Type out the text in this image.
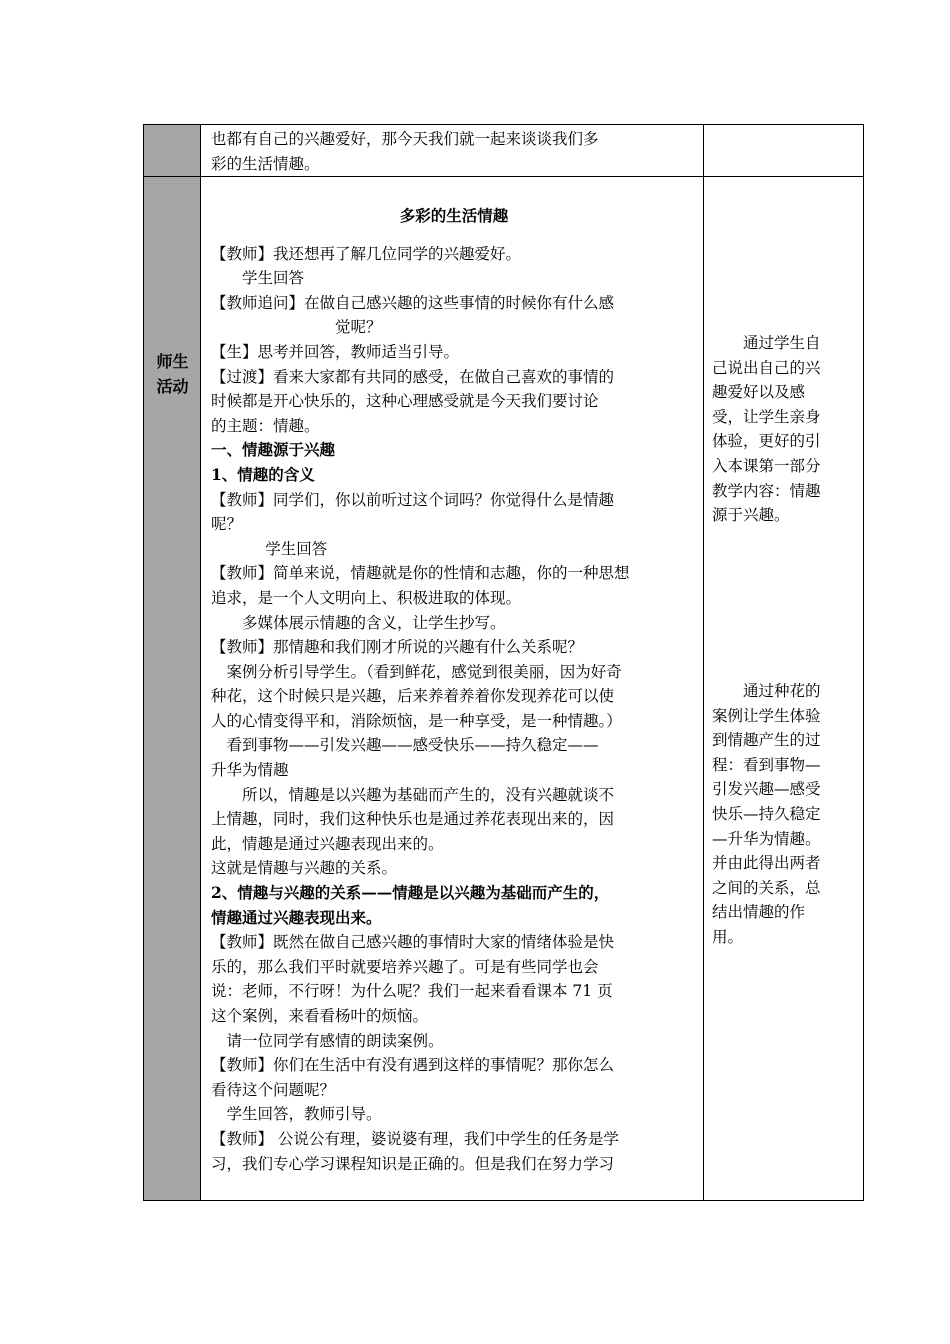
也都有自己的兴趣爱好，那今天我们就一起来谈谈我们多
彩的生活情趣。
师生
活动
多彩的生活情趣
【教师】我还想再了解几位同学的兴趣爱好。
学生回答
【教师追问】在做自己感兴趣的这些事情的时候你有什么感
觉呢？
【生】思考并回答，教师适当引导。
【过渡】看来大家都有共同的感受，在做自己喜欢的事情的
时候都是开心快乐的，这种心理感受就是今天我们要讨论
的主题：情趣。
一、情趣源于兴趣
1、情趣的含义
【教师】同学们，你以前听过这个词吗？你觉得什么是情趣
呢？
学生回答
【教师】简单来说，情趣就是你的性情和志趣，你的一种思想
追求，是一个人文明向上、积极进取的体现。
多媒体展示情趣的含义，让学生抄写。
【教师】那情趣和我们刚才所说的兴趣有什么关系呢？
案例分析引导学生。（看到鲜花，感觉到很美丽，因为好奇
种花，这个时候只是兴趣，后来养着养着你发现养花可以使
人的心情变得平和，消除烦恼，是一种享受，是一种情趣。）
看到事物——引发兴趣——感受快乐——持久稳定——
升华为情趣
所以，情趣是以兴趣为基础而产生的，没有兴趣就谈不
上情趣，同时，我们这种快乐也是通过养花表现出来的，因
此，情趣是通过兴趣表现出来的。
这就是情趣与兴趣的关系。
2、情趣与兴趣的关系——情趣是以兴趣为基础而产生的，
情趣通过兴趣表现出来。
【教师】既然在做自己感兴趣的事情时大家的情绪体验是快
乐的，那么我们平时就要培养兴趣了。可是有些同学也会
说：老师，不行呀！为什么呢？我们一起来看看课本 71 页
这个案例，来看看杨叶的烦恼。
请一位同学有感情的朗读案例。
【教师】你们在生活中有没有遇到这样的事情呢？那你怎么
看待这个问题呢？
学生回答，教师引导。
【教师】 公说公有理，婆说婆有理，我们中学生的任务是学
习，我们专心学习课程知识是正确的。但是我们在努力学习
通过学生自
己说出自己的兴
趣爱好以及感
受，让学生亲身
体验，更好的引
入本课第一部分
教学内容：情趣
源于兴趣。
通过种花的
案例让学生体验
到情趣产生的过
程：看到事物—
引发兴趣—感受
快乐—持久稳定
—升华为情趣。
并由此得出两者
之间的关系，总
结出情趣的作
用。
